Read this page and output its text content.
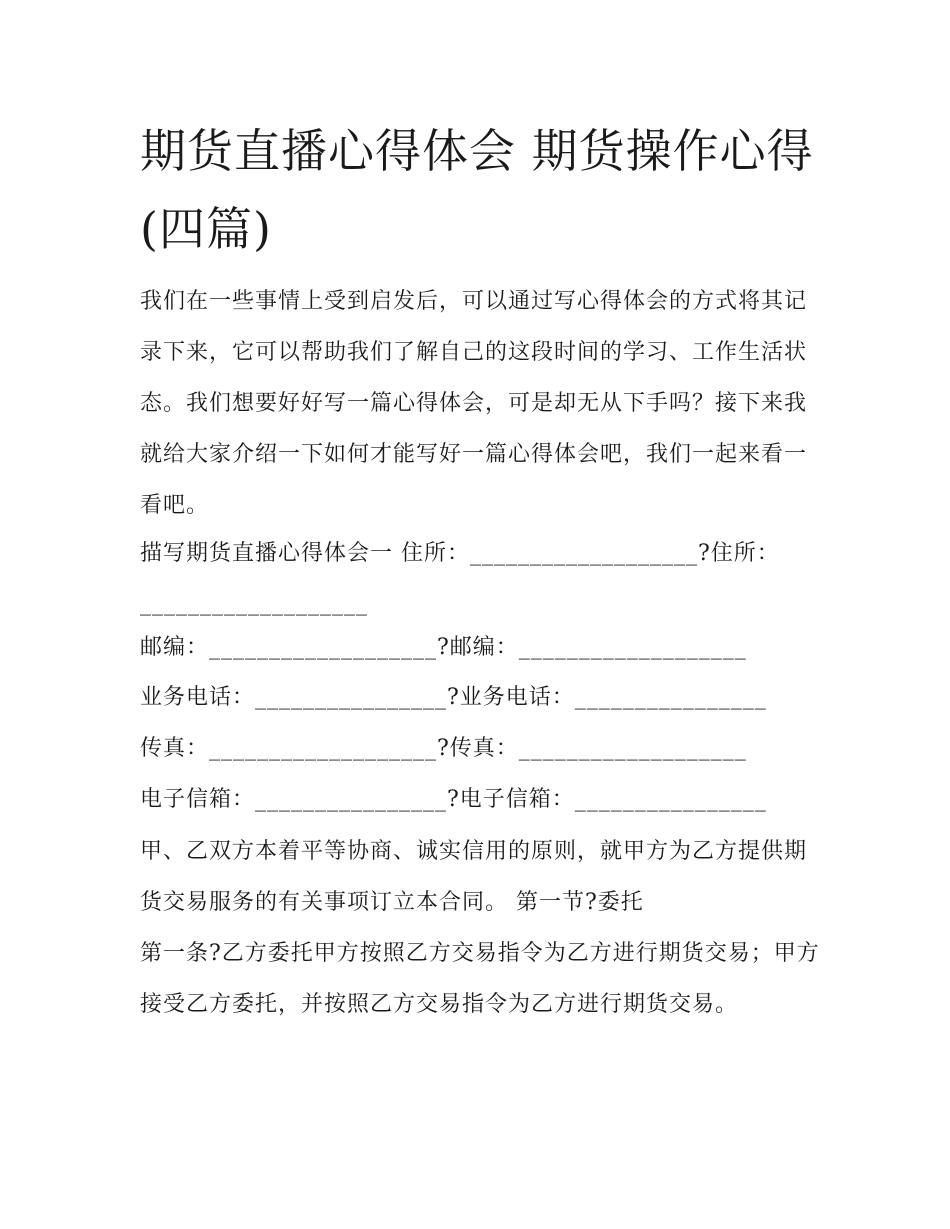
期货直播心得体会 期货操作心得(四篇)

我们在一些事情上受到启发后，可以通过写心得体会的方式将其记录下来，它可以帮助我们了解自己的这段时间的学习、工作生活状态。我们想要好好写一篇心得体会，可是却无从下手吗？接下来我就给大家介绍一下如何才能写好一篇心得体会吧，我们一起来看一看吧。

描写期货直播心得体会一 住所：___________________?住所：

___________________

邮编：___________________?邮编：___________________

业务电话：________________?业务电话：________________

传真：___________________?传真：___________________

电子信箱：________________?电子信箱：________________

甲、乙双方本着平等协商、诚实信用的原则，就甲方为乙方提供期货交易服务的有关事项订立本合同。 第一节?委托

第一条?乙方委托甲方按照乙方交易指令为乙方进行期货交易；甲方接受乙方委托，并按照乙方交易指令为乙方进行期货交易。
